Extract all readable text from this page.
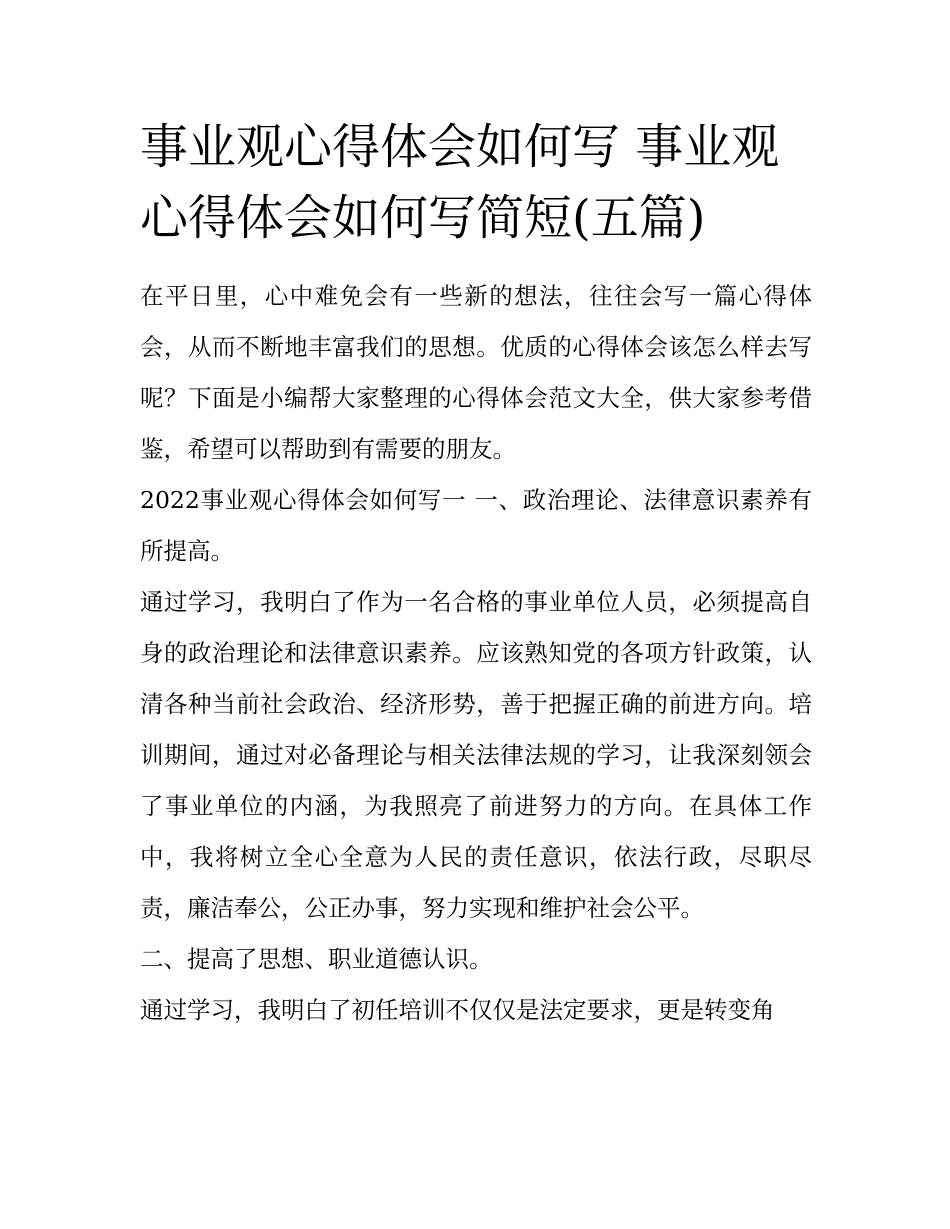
事业观心得体会如何写 事业观心得体会如何写简短(五篇)

在平日里，心中难免会有一些新的想法，往往会写一篇心得体会，从而不断地丰富我们的思想。优质的心得体会该怎么样去写呢？下面是小编帮大家整理的心得体会范文大全，供大家参考借鉴，希望可以帮助到有需要的朋友。

2022事业观心得体会如何写一 一、政治理论、法律意识素养有所提高。

通过学习，我明白了作为一名合格的事业单位人员，必须提高自身的政治理论和法律意识素养。应该熟知党的各项方针政策，认清各种当前社会政治、经济形势，善于把握正确的前进方向。培训期间，通过对必备理论与相关法律法规的学习，让我深刻领会了事业单位的内涵，为我照亮了前进努力的方向。在具体工作中，我将树立全心全意为人民的责任意识，依法行政，尽职尽责，廉洁奉公，公正办事，努力实现和维护社会公平。

二、提高了思想、职业道德认识。

通过学习，我明白了初任培训不仅仅是法定要求，更是转变角
